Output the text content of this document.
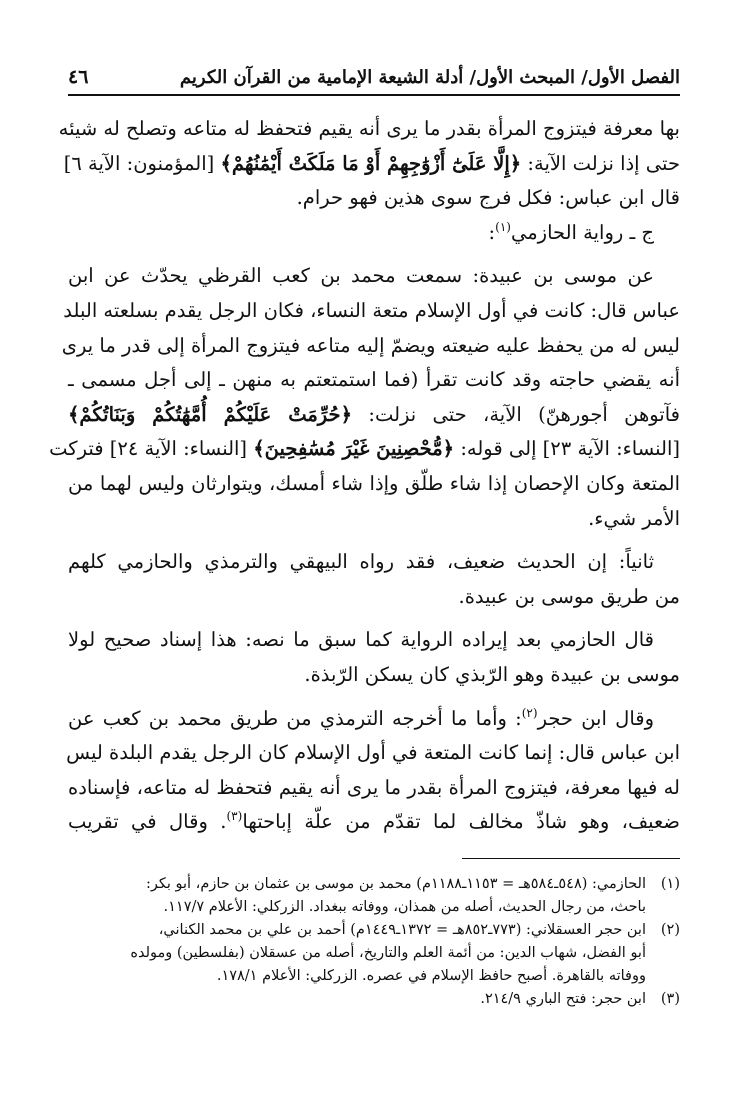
الفصل الأول/ المبحث الأول/ أدلة الشيعة الإمامية من القرآن الكريم
٤٦
بها معرفة فيتزوج المرأة بقدر ما يرى أنه يقيم فتحفظ له متاعه وتصلح له شيئه
حتى إذا نزلت الآية: ﴿إِلَّا عَلَىٰٓ أَزْوَٰجِهِمْ أَوْ مَا مَلَكَتْ أَيْمَٰنُهُمْ﴾ [المؤمنون: الآية ٦]
قال ابن عباس: فكل فرج سوى هذين فهو حرام.
ج ـ رواية الحازمي$^{(١)}$:
عن موسى بن عبيدة: سمعت محمد بن كعب القرظي يحدّث عن ابن
عباس قال: كانت في أول الإسلام متعة النساء، فكان الرجل يقدم بسلعته البلد
ليس له من يحفظ عليه ضيعته ويضمّ إليه متاعه فيتزوج المرأة إلى قدر ما يرى
أنه يقضي حاجته وقد كانت تقرأ (فما استمتعتم به منهن ـ إلى أجل مسمى ـ
فآتوهن أجورهنّ) الآية، حتى نزلت: ﴿حُرِّمَتْ عَلَيْكُمْ أُمَّهَٰتُكُمْ وَبَنَاتُكُمْ﴾
[النساء: الآية ٢٣] إلى قوله: ﴿مُّحْصِنِينَ غَيْرَ مُسَٰفِحِينَ﴾ [النساء: الآية ٢٤] فتركت
المتعة وكان الإحصان إذا شاء طلّق وإذا شاء أمسك، ويتوارثان وليس لهما من
الأمر شيء.
ثانياً: إن الحديث ضعيف، فقد رواه البيهقي والترمذي والحازمي كلهم
من طريق موسى بن عبيدة.
قال الحازمي بعد إيراده الرواية كما سبق ما نصه: هذا إسناد صحيح لولا
موسى بن عبيدة وهو الرّبذي كان يسكن الرّبذة.
وقال ابن حجر$^{(٢)}$: وأما ما أخرجه الترمذي من طريق محمد بن كعب عن
ابن عباس قال: إنما كانت المتعة في أول الإسلام كان الرجل يقدم البلدة ليس
له فيها معرفة، فيتزوج المرأة بقدر ما يرى أنه يقيم فتحفظ له متاعه، فإسناده
ضعيف، وهو شاذّ مخالف لما تقدّم من علّة إباحتها$^{(٣)}$. وقال في تقريب
(١)الحازمي: (٥٤٨ـ٥٨٤هـ = ١١٥٣ـ١١٨٨م) محمد بن موسى بن عثمان بن حازم، أبو بكر:
باحث، من رجال الحديث، أصله من همذان، ووفاته ببغداد. الزركلي: الأعلام ١١٧/٧.
(٢)ابن حجر العسقلاني: (٧٧٣ـ٨٥٢هـ = ١٣٧٢ـ١٤٤٩م) أحمد بن علي بن محمد الكناني،
أبو الفضل، شهاب الدين: من أئمة العلم والتاريخ، أصله من عسقلان (بفلسطين) ومولده
ووفاته بالقاهرة. أصبح حافظ الإسلام في عصره. الزركلي: الأعلام ١٧٨/١.
(٣)ابن حجر: فتح الباري ٢١٤/٩.
